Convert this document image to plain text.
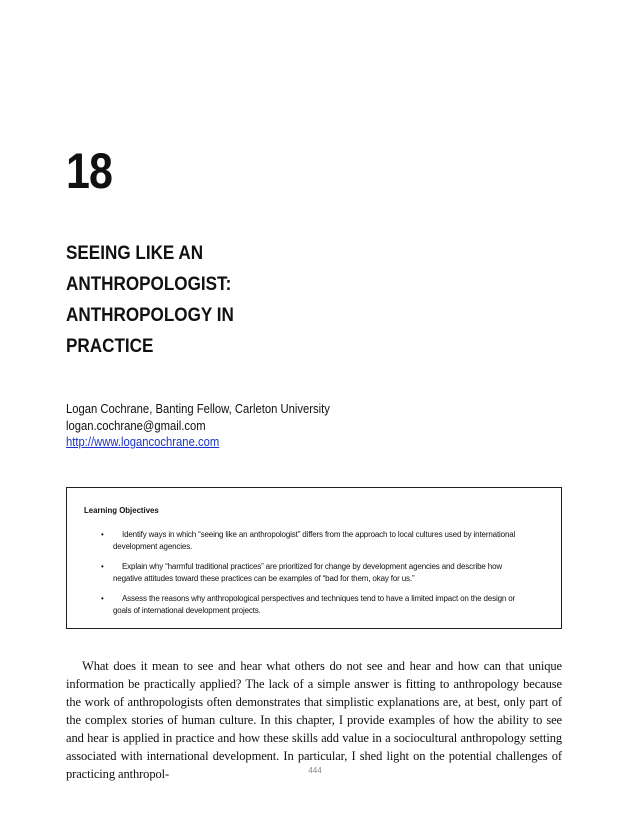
18
SEEING LIKE AN
ANTHROPOLOGIST:
ANTHROPOLOGY IN
PRACTICE
Logan Cochrane, Banting Fellow, Carleton University
logan.cochrane@gmail.com
http://www.logancochrane.com
Learning Objectives
•	Identify ways in which “seeing like an anthropologist” differs from the approach to local cultures used by international development agencies.
•	Explain why “harmful traditional practices” are prioritized for change by development agencies and describe how negative attitudes toward these practices can be examples of “bad for them, okay for us.”
•	Assess the reasons why anthropological perspectives and techniques tend to have a limited impact on the design or goals of international development projects.
What does it mean to see and hear what others do not see and hear and how can that unique information be practically applied? The lack of a simple answer is fitting to anthropology because the work of anthropologists often demonstrates that simplistic explanations are, at best, only part of the complex stories of human culture. In this chapter, I provide examples of how the ability to see and hear is applied in practice and how these skills add value in a sociocultural anthropology setting associated with international development. In particular, I shed light on the potential challenges of practicing anthropol-	444
